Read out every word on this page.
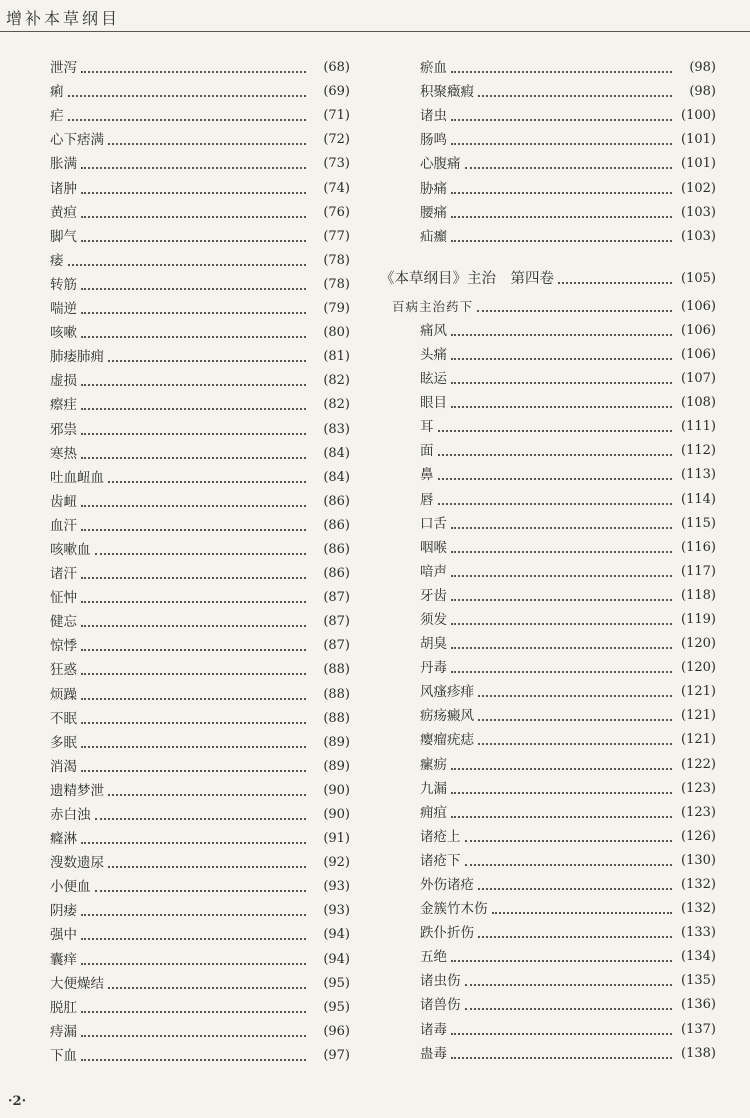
增补本草纲目
泄泻	(68)
痢	(69)
疟	(71)
心下痞满	(72)
胀满	(73)
诸肿	(74)
黄疸	(76)
脚气	(77)
痿	(78)
转筋	(78)
喘逆	(79)
咳嗽	(80)
肺痿肺痈	(81)
虚损	(82)
瘵疰	(82)
邪祟	(83)
寒热	(84)
吐血衄血	(84)
齿衄	(86)
血汗	(86)
咳嗽血	(86)
诸汗	(86)
怔忡	(87)
健忘	(87)
惊悸	(87)
狂惑	(88)
烦躁	(88)
不眠	(88)
多眠	(89)
消渴	(89)
遗精梦泄	(90)
赤白浊	(90)
癃淋	(91)
溲数遗尿	(92)
小便血	(93)
阴痿	(93)
强中	(94)
囊痒	(94)
大便燥结	(95)
脱肛	(95)
痔漏	(96)
下血	(97)
瘀血	(98)
积聚癥瘕	(98)
诸虫	(100)
肠鸣	(101)
心腹痛	(101)
胁痛	(102)
腰痛	(103)
疝㿗	(103)
《本草纲目》主治　第四卷	(105)
百病主治药下	(106)
痛风	(106)
头痛	(106)
眩运	(107)
眼目	(108)
耳	(111)
面	(112)
鼻	(113)
唇	(114)
口舌	(115)
咽喉	(116)
喑声	(117)
牙齿	(118)
须发	(119)
胡臭	(120)
丹毒	(120)
风瘙疹痱	(121)
疬疡癜风	(121)
瘿瘤疣痣	(121)
瘰疬	(122)
九漏	(123)
痈疽	(123)
诸疮上	(126)
诸疮下	(130)
外伤诸疮	(132)
金簇竹木伤	(132)
跌仆折伤	(133)
五绝	(134)
诸虫伤	(135)
诸兽伤	(136)
诸毒	(137)
蛊毒	(138)
·2·
